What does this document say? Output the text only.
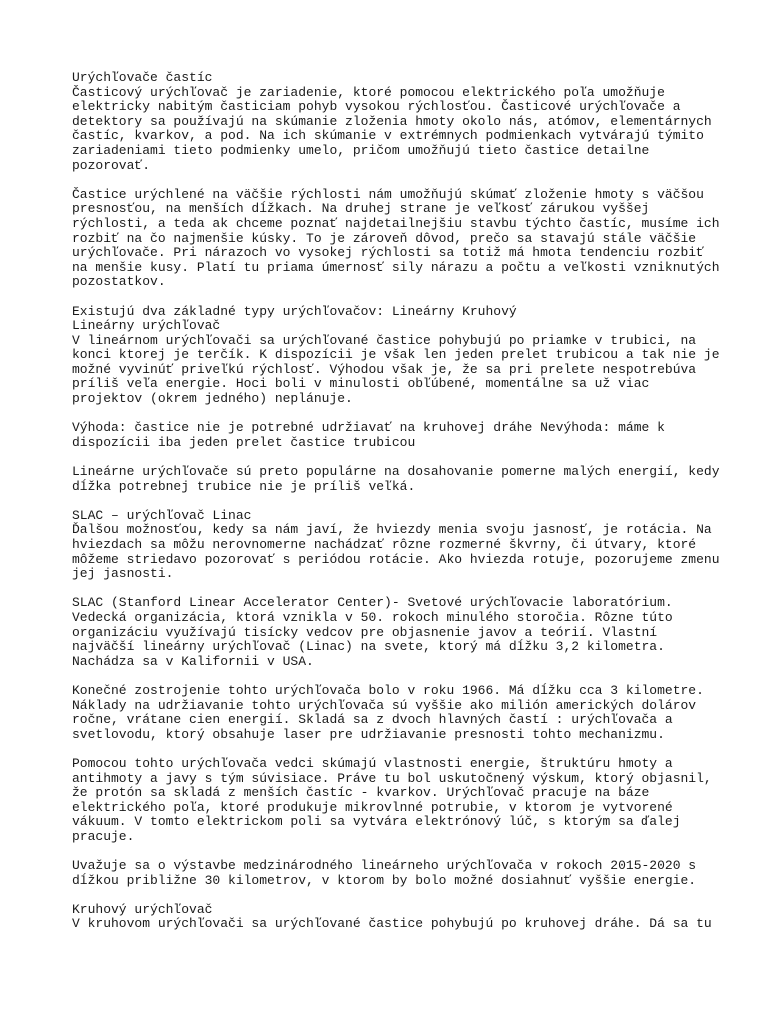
Urýchľovače častíc
Časticový urýchľovač je zariadenie, ktoré pomocou elektrického poľa umožňuje
elektricky nabitým časticiam pohyb vysokou rýchlosťou. Časticové urýchľovače a
detektory sa používajú na skúmanie zloženia hmoty okolo nás, atómov, elementárnych
častíc, kvarkov, a pod. Na ich skúmanie v extrémnych podmienkach vytvárajú týmito
zariadeniami tieto podmienky umelo, pričom umožňujú tieto častice detailne
pozorovať.
Častice urýchlené na väčšie rýchlosti nám umožňujú skúmať zloženie hmoty s väčšou
presnosťou, na menších dĺžkach. Na druhej strane je veľkosť zárukou vyššej
rýchlosti, a teda ak chceme poznať najdetailnejšiu stavbu týchto častíc, musíme ich
rozbiť na čo najmenšie kúsky. To je zároveň dôvod, prečo sa stavajú stále väčšie
urýchľovače. Pri nárazoch vo vysokej rýchlosti sa totiž má hmota tendenciu rozbiť
na menšie kusy. Platí tu priama úmernosť sily nárazu a počtu a veľkosti vzniknutých
pozostatkov.
Existujú dva základné typy urýchľovačov: Lineárny Kruhový
Lineárny urýchľovač
V lineárnom urýchľovači sa urýchľované častice pohybujú po priamke v trubici, na
konci ktorej je terčík. K dispozícii je však len jeden prelet trubicou a tak nie je
možné vyvinúť priveľkú rýchlosť. Výhodou však je, že sa pri prelete nespotrebúva
príliš veľa energie. Hoci boli v minulosti obľúbené, momentálne sa už viac
projektov (okrem jedného) neplánuje.
Výhoda: častice nie je potrebné udržiavať na kruhovej dráhe Nevýhoda: máme k
dispozícii iba jeden prelet častice trubicou
Lineárne urýchľovače sú preto populárne na dosahovanie pomerne malých energií, kedy
dĺžka potrebnej trubice nie je príliš veľká.
SLAC – urýchľovač Linac
Ďalšou možnosťou, kedy sa nám javí, že hviezdy menia svoju jasnosť, je rotácia. Na
hviezdach sa môžu nerovnomerne nachádzať rôzne rozmerné škvrny, či útvary, ktoré
môžeme striedavo pozorovať s periódou rotácie. Ako hviezda rotuje, pozorujeme zmenu
jej jasnosti.
SLAC (Stanford Linear Accelerator Center)- Svetové urýchľovacie laboratórium.
Vedecká organizácia, ktorá vznikla v 50. rokoch minulého storočia. Rôzne túto
organizáciu využívajú tisícky vedcov pre objasnenie javov a teórií. Vlastní
najväčší lineárny urýchľovač (Linac) na svete, ktorý má dĺžku 3,2 kilometra.
Nachádza sa v Kalifornii v USA.
Konečné zostrojenie tohto urýchľovača bolo v roku 1966. Má dĺžku cca 3 kilometre.
Náklady na udržiavanie tohto urýchľovača sú vyššie ako milión amerických dolárov
ročne, vrátane cien energií. Skladá sa z dvoch hlavných častí : urýchľovača a
svetlovodu, ktorý obsahuje laser pre udržiavanie presnosti tohto mechanizmu.
Pomocou tohto urýchľovača vedci skúmajú vlastnosti energie, štruktúru hmoty a
antihmoty a javy s tým súvisiace. Práve tu bol uskutočnený výskum, ktorý objasnil,
že protón sa skladá z menších častíc - kvarkov. Urýchľovač pracuje na báze
elektrického poľa, ktoré produkuje mikrovlnné potrubie, v ktorom je vytvorené
vákuum. V tomto elektrickom poli sa vytvára elektrónový lúč, s ktorým sa ďalej
pracuje.
Uvažuje sa o výstavbe medzinárodného lineárneho urýchľovača v rokoch 2015-2020 s
dĺžkou približne 30 kilometrov, v ktorom by bolo možné dosiahnuť vyššie energie.
Kruhový urýchľovač
V kruhovom urýchľovači sa urýchľované častice pohybujú po kruhovej dráhe. Dá sa tu
